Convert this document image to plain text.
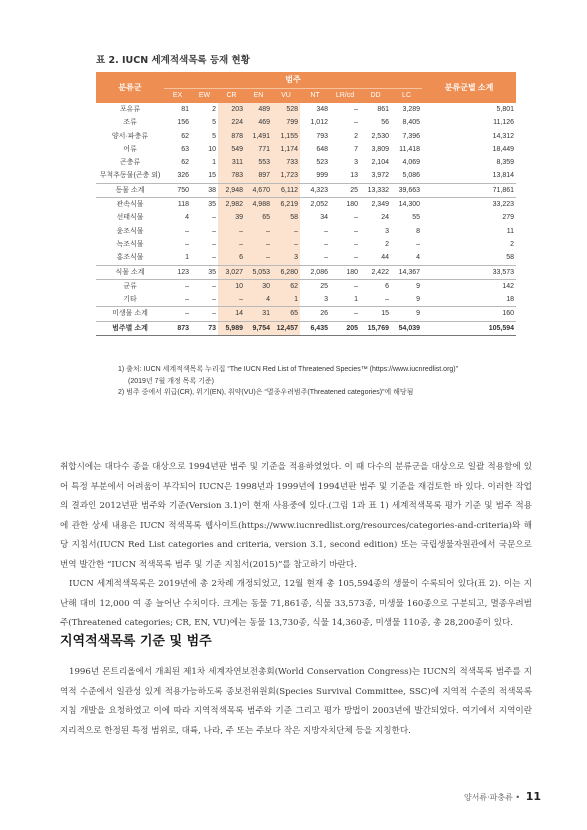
표 2. IUCN 세계적색목록 등재 현황
분류군	범주									분류군별 소계
	EX	EW	CR	EN	VU	NT	LR/cd	DD	LC	
포유류	81	2	203	489	528	348	–	861	3,289	5,801
조류	156	5	224	469	799	1,012	–	56	8,405	11,126
양서·파충류	62	5	878	1,491	1,155	793	2	2,530	7,396	14,312
어류	63	10	549	771	1,174	648	7	3,809	11,418	18,449
곤충류	62	1	311	553	733	523	3	2,104	4,069	8,359
무척추동물(곤충 외)	326	15	783	897	1,723	999	13	3,972	5,086	13,814
동물 소계	750	38	2,948	4,670	6,112	4,323	25	13,332	39,663	71,861
관속식물	118	35	2,982	4,988	6,219	2,052	180	2,349	14,300	33,223
선태식물	4	–	39	65	58	34	–	24	55	279
윤조식물	–	–	–	–	–	–	–	3	8	11
녹조식물	–	–	–	–	–	–	–	2	–	2
홍조식물	1	–	6	–	3	–	–	44	4	58
식물 소계	123	35	3,027	5,053	6,280	2,086	180	2,422	14,367	33,573
균류	–	–	10	30	62	25	–	6	9	142
기타	–	–	–	4	1	3	1	–	9	18
미생물 소계	–	–	14	31	65	26	–	15	9	160
범주별 소계	873	73	5,989	9,754	12,457	6,435	205	15,769	54,039	105,594

1) 출처: IUCN 세계적색목록 누리집 “The IUCN Red List of Threatened Species™ (https://www.iucnredlist.org)”

(2019년 7월 개정 목록 기준)

2) 범주 중에서 위급(CR), 위기(EN), 취약(VU)은 “멸종우려범주(Threatened categories)”에 해당됨

취합시에는 대다수 종을 대상으로 1994년판 범주 및 기준을 적용하였었다. 이 때 다수의 분류군을 대상으로 일괄 적용함에 있어 특정 부분에서 어려움이 부각되어 IUCN은 1998년과 1999년에 1994년판 범주 및 기준을 재검토한 바 있다. 이러한 작업의 결과인 2012년판 범주와 기준(Version 3.1)이 현재 사용중에 있다.(그림 1과 표 1) 세계적색목록 평가 기준 및 범주 적용에 관한 상세 내용은 IUCN 적색목록 웹사이트(https://www.iucnredlist.org/resources/categories-and-criteria)와 해당 지침서(IUCN Red List categories and criteria, version 3.1, second edition) 또는 국립생물자원관에서 국문으로 번역 발간한 “IUCN 적색목록 범주 및 기준 지침서(2015)”를 참고하기 바란다.

IUCN 세계적색목록은 2019년에 총 2차례 개정되었고, 12월 현재 총 105,594종의 생물이 수록되어 있다(표 2). 이는 지난해 대비 12,000 여 종 늘어난 수치이다. 크게는 동물 71,861종, 식물 33,573종, 미생물 160종으로 구분되고, 멸종우려범주(Threatened categories; CR, EN, VU)에는 동물 13,730종, 식물 14,360종, 미생물 110종, 총 28,200종이 있다.

지역적색목록 기준 및 범주

1996년 몬트리올에서 개최된 제1차 세계자연보전총회(World Conservation Congress)는 IUCN의 적색목록 범주를 지역적 수준에서 일관성 있게 적용가능하도록 종보전위원회(Species Survival Committee, SSC)에 지역적 수준의 적색목록 지침 개발을 요청하였고 이에 따라 지역적색목록 범주와 기준 그리고 평가 방법이 2003년에 발간되었다. 여기에서 지역이란 지리적으로 한정된 특정 범위로, 대륙, 나라, 주 또는 주보다 작은 지방자치단체 등을 지칭한다.

양서류·파충류 • 11
